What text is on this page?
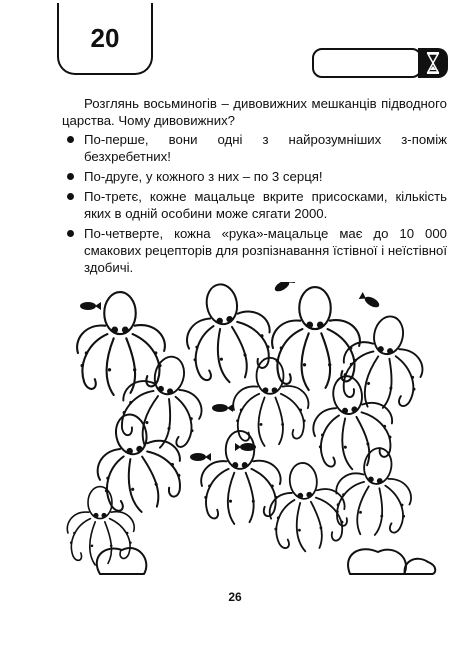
20

Розглянь восьминогів – дивовижних мешканців підводного царства. Чому дивовижних?

По-перше, вони одні з найрозумніших з-поміж безхребетних!
По-друге, у кожного з них – по 3 серця!
По-третє, кожне мацальце вкрите присосками, кількість яких в одній особини може сягати 2000.
По-четверте, кожна «рука»-мацальце має до 10 000 смакових рецепторів для розпізнавання їстівної і неїстівної здобичі.
26
